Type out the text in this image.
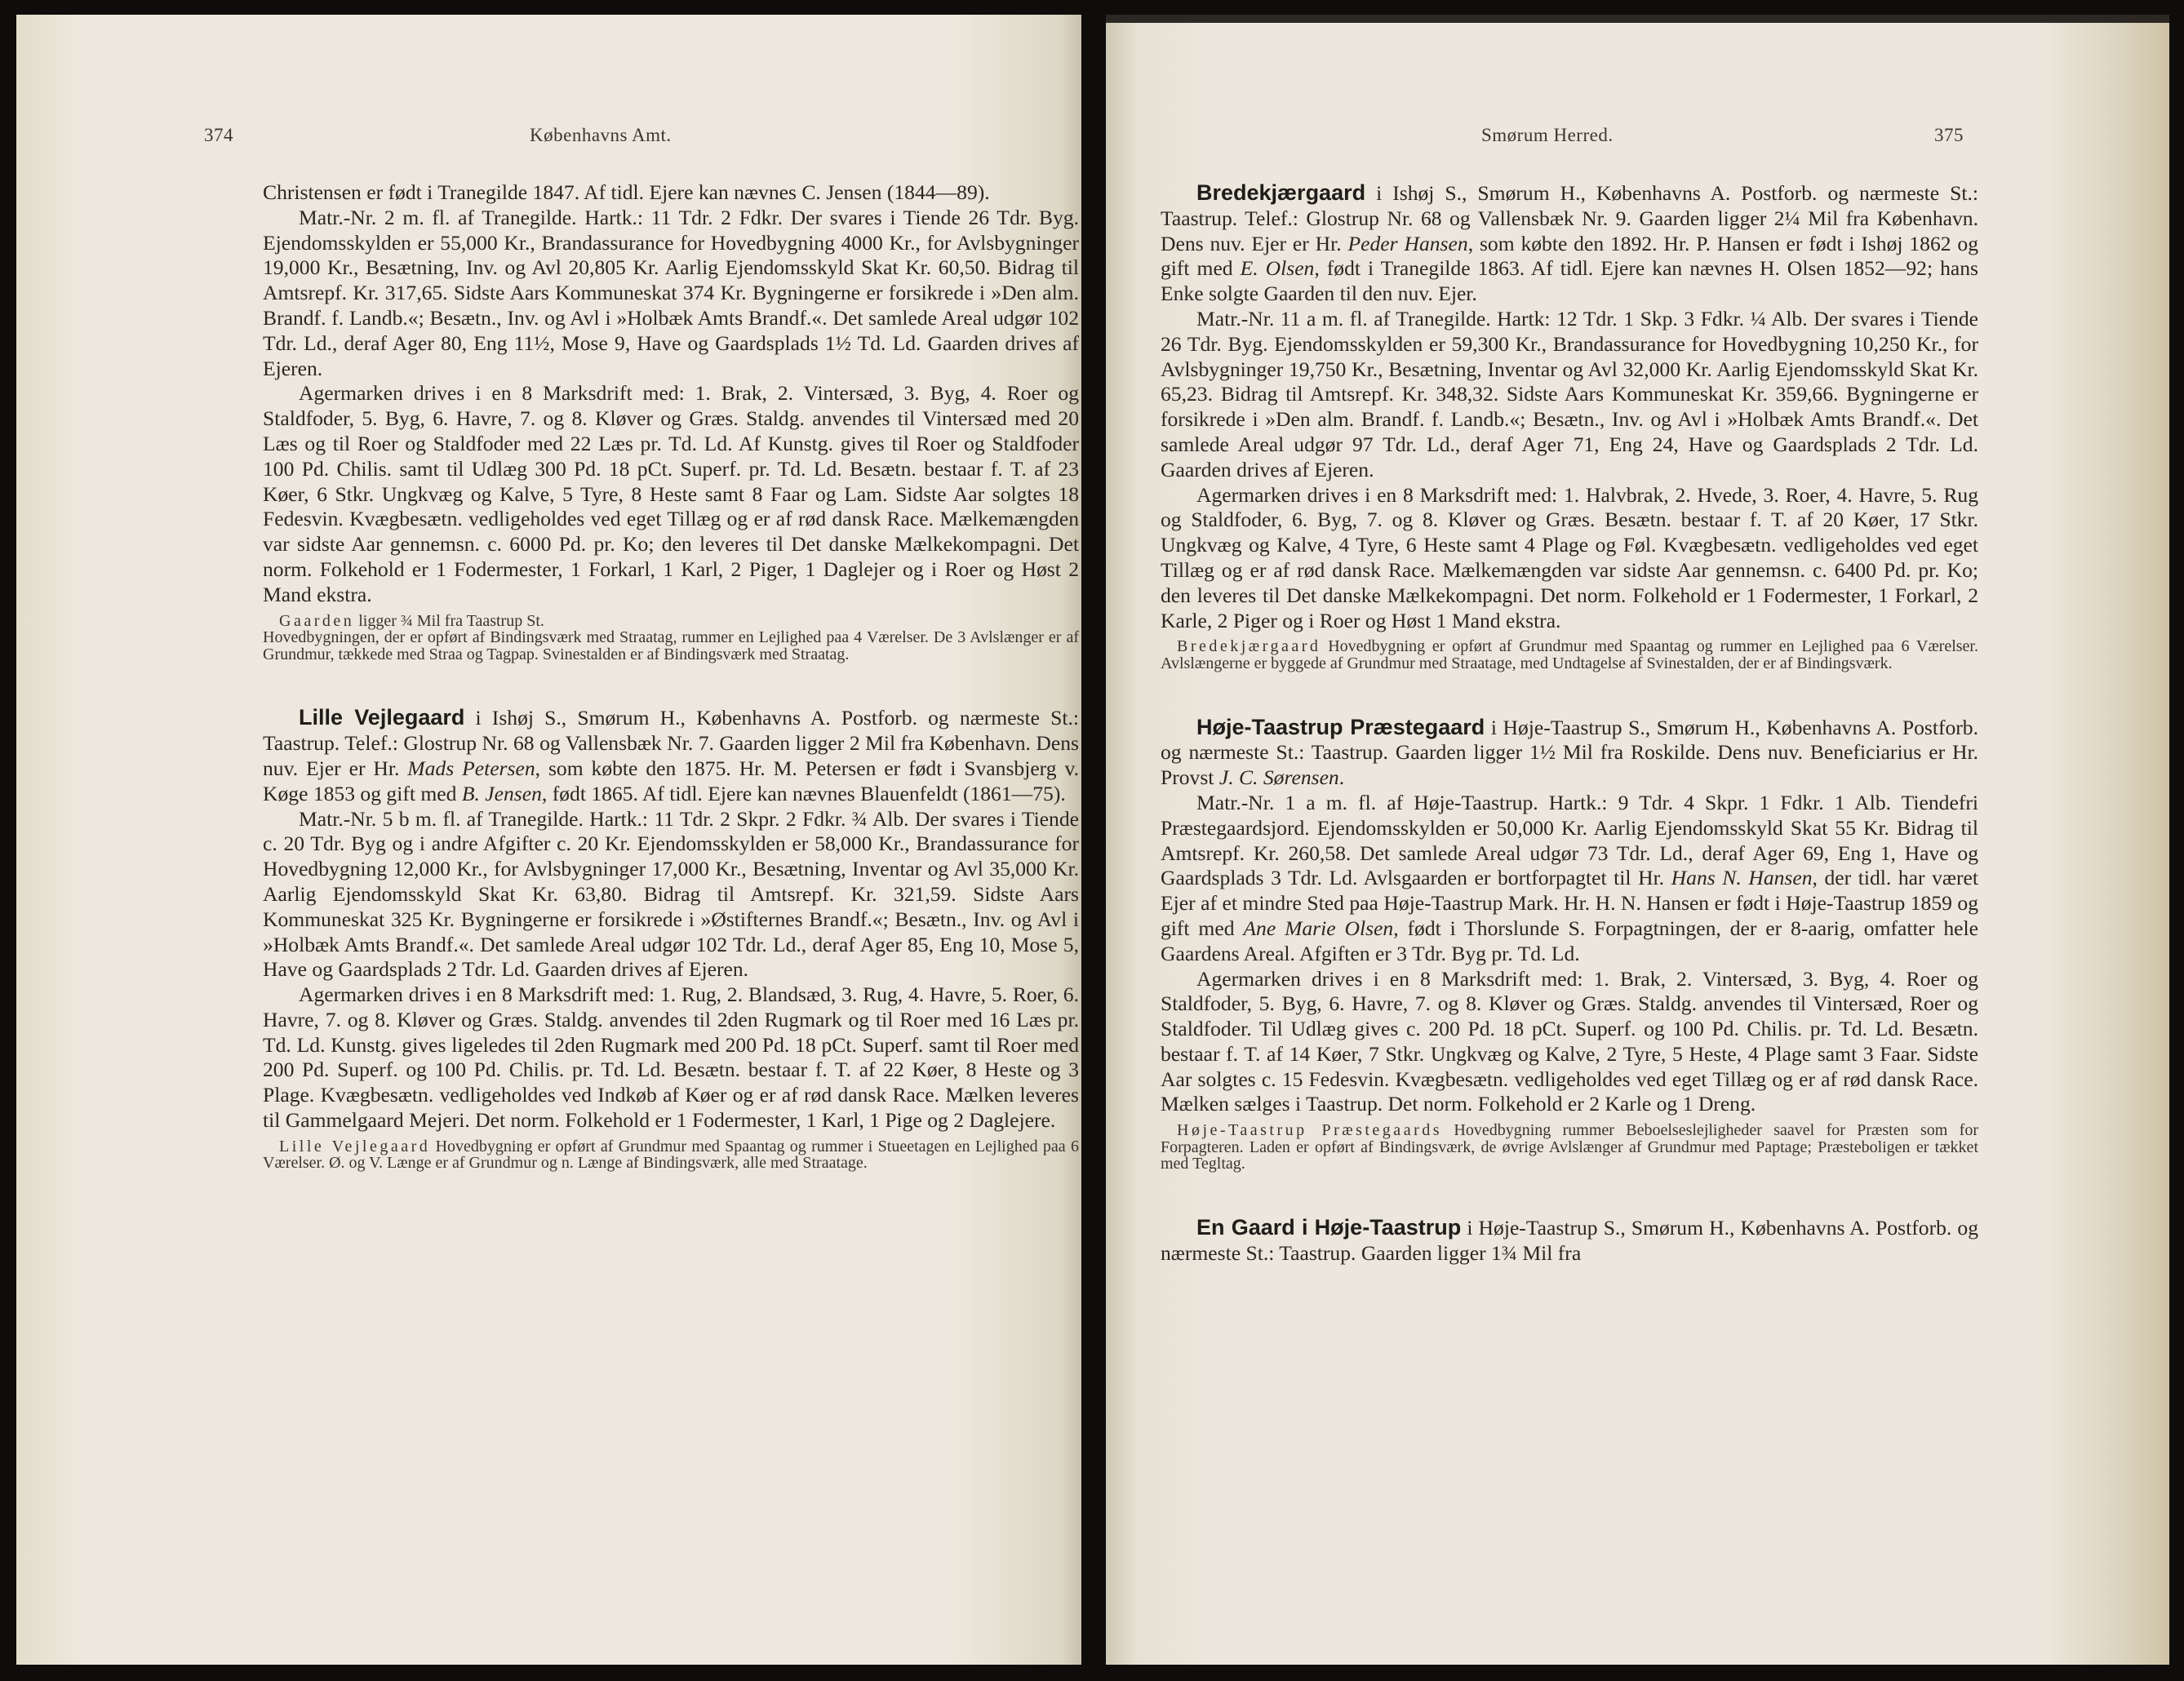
374	Københavns Amt.

Christensen er født i Tranegilde 1847. Af tidl. Ejere kan nævnes C. Jensen (1844—89).

Matr.-Nr. 2 m. fl. af Tranegilde. Hartk.: 11 Tdr. 2 Fdkr. Der svares i Tiende 26 Tdr. Byg. Ejendomsskylden er 55,000 Kr., Brandassurance for Hovedbygning 4000 Kr., for Avlsbygninger 19,000 Kr., Besætning, Inv. og Avl 20,805 Kr. Aarlig Ejendomsskyld Skat Kr. 60,50. Bidrag til Amtsrepf. Kr. 317,65. Sidste Aars Kommuneskat 374 Kr. Bygningerne er forsikrede i »Den alm. Brandf. f. Landb.«; Besætn., Inv. og Avl i »Holbæk Amts Brandf.«. Det samlede Areal udgør 102 Tdr. Ld., deraf Ager 80, Eng 11½, Mose 9, Have og Gaardsplads 1½ Td. Ld. Gaarden drives af Ejeren.

Agermarken drives i en 8 Marksdrift med: 1. Brak, 2. Vintersæd, 3. Byg, 4. Roer og Staldfoder, 5. Byg, 6. Havre, 7. og 8. Kløver og Græs. Staldg. anvendes til Vintersæd med 20 Læs og til Roer og Staldfoder med 22 Læs pr. Td. Ld. Af Kunstg. gives til Roer og Staldfoder 100 Pd. Chilis. samt til Udlæg 300 Pd. 18 pCt. Superf. pr. Td. Ld. Besætn. bestaar f. T. af 23 Køer, 6 Stkr. Ungkvæg og Kalve, 5 Tyre, 8 Heste samt 8 Faar og Lam. Sidste Aar solgtes 18 Fedesvin. Kvægbesætn. vedligeholdes ved eget Tillæg og er af rød dansk Race. Mælkemængden var sidste Aar gennemsn. c. 6000 Pd. pr. Ko; den leveres til Det danske Mælkekompagni. Det norm. Folkehold er 1 Fodermester, 1 Forkarl, 1 Karl, 2 Piger, 1 Daglejer og i Roer og Høst 2 Mand ekstra.

Gaarden ligger ¾ Mil fra Taastrup St.

Hovedbygningen, der er opført af Bindingsværk med Straatag, rummer en Lejlighed paa 4 Værelser. De 3 Avlslænger er af Grundmur, tækkede med Straa og Tagpap. Svinestalden er af Bindingsværk med Straatag.

Lille Vejlegaard i Ishøj S., Smørum H., Københavns A. Postforb. og nærmeste St.: Taastrup. Telef.: Glostrup Nr. 68 og Vallensbæk Nr. 7. Gaarden ligger 2 Mil fra København. Dens nuv. Ejer er Hr. Mads Petersen, som købte den 1875. Hr. M. Petersen er født i Svansbjerg v. Køge 1853 og gift med B. Jensen, født 1865. Af tidl. Ejere kan nævnes Blauenfeldt (1861—75).

Matr.-Nr. 5 b m. fl. af Tranegilde. Hartk.: 11 Tdr. 2 Skpr. 2 Fdkr. ¾ Alb. Der svares i Tiende c. 20 Tdr. Byg og i andre Afgifter c. 20 Kr. Ejendomsskylden er 58,000 Kr., Brandassurance for Hovedbygning 12,000 Kr., for Avlsbygninger 17,000 Kr., Besætning, Inventar og Avl 35,000 Kr. Aarlig Ejendomsskyld Skat Kr. 63,80. Bidrag til Amtsrepf. Kr. 321,59. Sidste Aars Kommuneskat 325 Kr. Bygningerne er forsikrede i »Østifternes Brandf.«; Besætn., Inv. og Avl i »Holbæk Amts Brandf.«. Det samlede Areal udgør 102 Tdr. Ld., deraf Ager 85, Eng 10, Mose 5, Have og Gaardsplads 2 Tdr. Ld. Gaarden drives af Ejeren.

Agermarken drives i en 8 Marksdrift med: 1. Rug, 2. Blandsæd, 3. Rug, 4. Havre, 5. Roer, 6. Havre, 7. og 8. Kløver og Græs. Staldg. anvendes til 2den Rugmark og til Roer med 16 Læs pr. Td. Ld. Kunstg. gives ligeledes til 2den Rugmark med 200 Pd. 18 pCt. Superf. samt til Roer med 200 Pd. Superf. og 100 Pd. Chilis. pr. Td. Ld. Besætn. bestaar f. T. af 22 Køer, 8 Heste og 3 Plage. Kvægbesætn. vedligeholdes ved Indkøb af Køer og er af rød dansk Race. Mælken leveres til Gammelgaard Mejeri. Det norm. Folkehold er 1 Fodermester, 1 Karl, 1 Pige og 2 Daglejere.

Lille Vejlegaard Hovedbygning er opført af Grundmur med Spaantag og rummer i Stueetagen en Lejlighed paa 6 Værelser. Ø. og V. Længe er af Grundmur og n. Længe af Bindingsværk, alle med Straatage.

Smørum Herred.	375

Bredekjærgaard i Ishøj S., Smørum H., Københavns A. Postforb. og nærmeste St.: Taastrup. Telef.: Glostrup Nr. 68 og Vallensbæk Nr. 9. Gaarden ligger 2¼ Mil fra København. Dens nuv. Ejer er Hr. Peder Hansen, som købte den 1892. Hr. P. Hansen er født i Ishøj 1862 og gift med E. Olsen, født i Tranegilde 1863. Af tidl. Ejere kan nævnes H. Olsen 1852—92; hans Enke solgte Gaarden til den nuv. Ejer.

Matr.-Nr. 11 a m. fl. af Tranegilde. Hartk: 12 Tdr. 1 Skp. 3 Fdkr. ¼ Alb. Der svares i Tiende 26 Tdr. Byg. Ejendomsskylden er 59,300 Kr., Brandassurance for Hovedbygning 10,250 Kr., for Avlsbygninger 19,750 Kr., Besætning, Inventar og Avl 32,000 Kr. Aarlig Ejendomsskyld Skat Kr. 65,23. Bidrag til Amtsrepf. Kr. 348,32. Sidste Aars Kommuneskat Kr. 359,66. Bygningerne er forsikrede i »Den alm. Brandf. f. Landb.«; Besætn., Inv. og Avl i »Holbæk Amts Brandf.«. Det samlede Areal udgør 97 Tdr. Ld., deraf Ager 71, Eng 24, Have og Gaardsplads 2 Tdr. Ld. Gaarden drives af Ejeren.

Agermarken drives i en 8 Marksdrift med: 1. Halvbrak, 2. Hvede, 3. Roer, 4. Havre, 5. Rug og Staldfoder, 6. Byg, 7. og 8. Kløver og Græs. Besætn. bestaar f. T. af 20 Køer, 17 Stkr. Ungkvæg og Kalve, 4 Tyre, 6 Heste samt 4 Plage og Føl. Kvægbesætn. vedligeholdes ved eget Tillæg og er af rød dansk Race. Mælkemængden var sidste Aar gennemsn. c. 6400 Pd. pr. Ko; den leveres til Det danske Mælkekompagni. Det norm. Folkehold er 1 Fodermester, 1 Forkarl, 2 Karle, 2 Piger og i Roer og Høst 1 Mand ekstra.

Bredekjærgaard Hovedbygning er opført af Grundmur med Spaantag og rummer en Lejlighed paa 6 Værelser. Avlslængerne er byggede af Grundmur med Straatage, med Undtagelse af Svinestalden, der er af Bindingsværk.

Høje-Taastrup Præstegaard i Høje-Taastrup S., Smørum H., Københavns A. Postforb. og nærmeste St.: Taastrup. Gaarden ligger 1½ Mil fra Roskilde. Dens nuv. Beneficiarius er Hr. Provst J. C. Sørensen.

Matr.-Nr. 1 a m. fl. af Høje-Taastrup. Hartk.: 9 Tdr. 4 Skpr. 1 Fdkr. 1 Alb. Tiendefri Præstegaardsjord. Ejendomsskylden er 50,000 Kr. Aarlig Ejendomsskyld Skat 55 Kr. Bidrag til Amtsrepf. Kr. 260,58. Det samlede Areal udgør 73 Tdr. Ld., deraf Ager 69, Eng 1, Have og Gaardsplads 3 Tdr. Ld. Avlsgaarden er bortforpagtet til Hr. Hans N. Hansen, der tidl. har været Ejer af et mindre Sted paa Høje-Taastrup Mark. Hr. H. N. Hansen er født i Høje-Taastrup 1859 og gift med Ane Marie Olsen, født i Thorslunde S. Forpagtningen, der er 8-aarig, omfatter hele Gaardens Areal. Afgiften er 3 Tdr. Byg pr. Td. Ld.

Agermarken drives i en 8 Marksdrift med: 1. Brak, 2. Vintersæd, 3. Byg, 4. Roer og Staldfoder, 5. Byg, 6. Havre, 7. og 8. Kløver og Græs. Staldg. anvendes til Vintersæd, Roer og Staldfoder. Til Udlæg gives c. 200 Pd. 18 pCt. Superf. og 100 Pd. Chilis. pr. Td. Ld. Besætn. bestaar f. T. af 14 Køer, 7 Stkr. Ungkvæg og Kalve, 2 Tyre, 5 Heste, 4 Plage samt 3 Faar. Sidste Aar solgtes c. 15 Fedesvin. Kvægbesætn. vedligeholdes ved eget Tillæg og er af rød dansk Race. Mælken sælges i Taastrup. Det norm. Folkehold er 2 Karle og 1 Dreng.

Høje-Taastrup Præstegaards Hovedbygning rummer Beboelseslejligheder saavel for Præsten som for Forpagteren. Laden er opført af Bindingsværk, de øvrige Avlslænger af Grundmur med Paptage; Præsteboligen er tækket med Tegltag.

En Gaard i Høje-Taastrup i Høje-Taastrup S., Smørum H., Københavns A. Postforb. og nærmeste St.: Taastrup. Gaarden ligger 1¾ Mil fra
